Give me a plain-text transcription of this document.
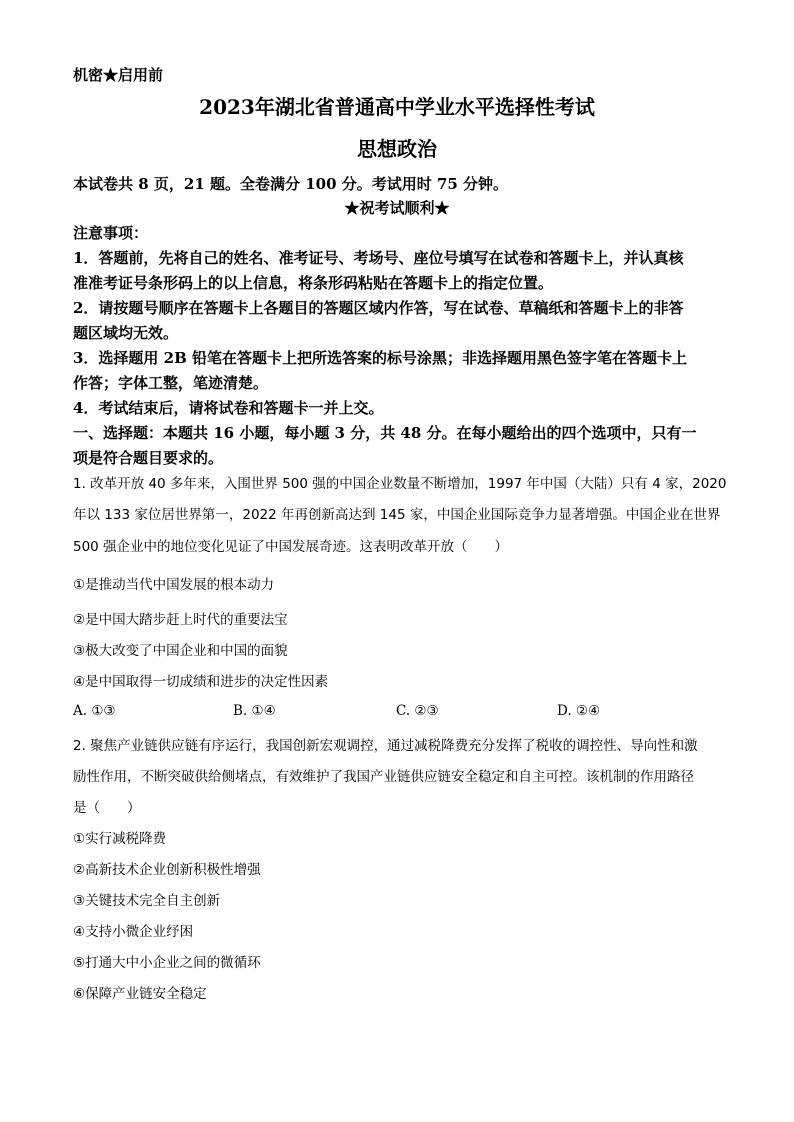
机密★启用前
2023年湖北省普通高中学业水平选择性考试
思想政治
本试卷共 8 页，21 题。全卷满分 100 分。考试用时 75 分钟。
★祝考试顺利★
注意事项：
1．答题前，先将自己的姓名、准考证号、考场号、座位号填写在试卷和答题卡上，并认真核
准准考证号条形码上的以上信息，将条形码粘贴在答题卡上的指定位置。
2．请按题号顺序在答题卡上各题目的答题区域内作答，写在试卷、草稿纸和答题卡上的非答
题区域均无效。
3．选择题用 2B 铅笔在答题卡上把所选答案的标号涂黑；非选择题用黑色签字笔在答题卡上
作答；字体工整，笔迹清楚。
4．考试结束后，请将试卷和答题卡一并上交。
一、选择题：本题共 16 小题，每小题 3 分，共 48 分。在每小题给出的四个选项中，只有一
项是符合题目要求的。
1. 改革开放 40 多年来，入围世界 500 强的中国企业数量不断增加，1997 年中国（大陆）只有 4 家，2020
年以 133 家位居世界第一，2022 年再创新高达到 145 家，中国企业国际竞争力显著增强。中国企业在世界
500 强企业中的地位变化见证了中国发展奇迹。这表明改革开放（　　）
①是推动当代中国发展的根本动力
②是中国大踏步赶上时代的重要法宝
③极大改变了中国企业和中国的面貌
④是中国取得一切成绩和进步的决定性因素
A. ①③	B. ①④	C. ②③	D. ②④
2. 聚焦产业链供应链有序运行，我国创新宏观调控，通过减税降费充分发挥了税收的调控性、导向性和激
励性作用，不断突破供给侧堵点，有效维护了我国产业链供应链安全稳定和自主可控。该机制的作用路径
是（　　）
①实行减税降费
②高新技术企业创新积极性增强
③关键技术完全自主创新
④支持小微企业纾困
⑤打通大中小企业之间的微循环
⑥保障产业链安全稳定
